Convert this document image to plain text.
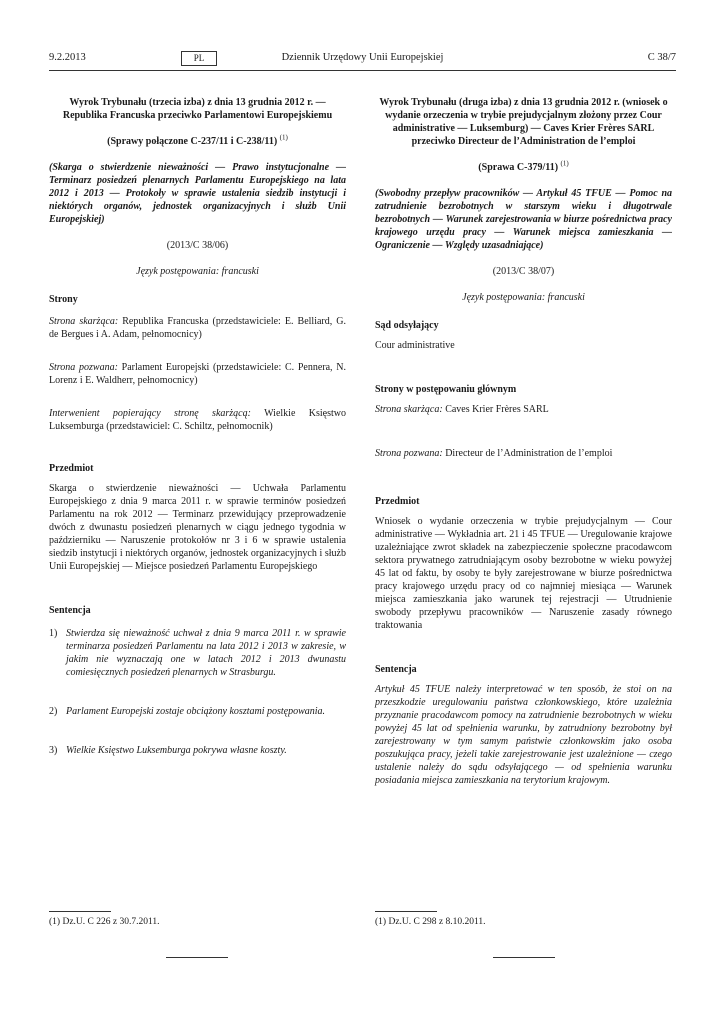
9.2.2013	PL	Dziennik Urzędowy Unii Europejskiej	C 38/7
Wyrok Trybunału (trzecia izba) z dnia 13 grudnia 2012 r. — Republika Francuska przeciwko Parlamentowi Europejskiemu
(Sprawy połączone C-237/11 i C-238/11) $^{(1)}$
(Skarga o stwierdzenie nieważności — Prawo instytucjonalne — Terminarz posiedzeń plenarnych Parlamentu Europejskiego na lata 2012 i 2013 — Protokoły w sprawie ustalenia siedzib instytucji i niektórych organów, jednostek organizacyjnych i służb Unii Europejskiej)
(2013/C 38/06)
Język postępowania: francuski
Strony
Strona skarżąca: Republika Francuska (przedstawiciele: E. Belliard, G. de Bergues i A. Adam, pełnomocnicy)
Strona pozwana: Parlament Europejski (przedstawiciele: C. Pennera, N. Lorenz i E. Waldherr, pełnomocnicy)
Interwenient popierający stronę skarżącą: Wielkie Księstwo Luksemburga (przedstawiciel: C. Schiltz, pełnomocnik)
Przedmiot
Skarga o stwierdzenie nieważności — Uchwała Parlamentu Europejskiego z dnia 9 marca 2011 r. w sprawie terminów posiedzeń Parlamentu na rok 2012 — Terminarz przewidujący przeprowadzenie dwóch z dwunastu posiedzeń plenarnych w ciągu jednego tygodnia w październiku — Naruszenie protokołów nr 3 i 6 w sprawie ustalenia siedzib instytucji i niektórych organów, jednostek organizacyjnych i służb Unii Europejskiej — Miejsce posiedzeń Parlamentu Europejskiego
Sentencja
1) Stwierdza się nieważność uchwał z dnia 9 marca 2011 r. w sprawie terminarza posiedzeń Parlamentu na lata 2012 i 2013 w zakresie, w jakim nie wyznaczają one w latach 2012 i 2013 dwunastu comiesięcznych posiedzeń plenarnych w Strasburgu.
2) Parlament Europejski zostaje obciążony kosztami postępowania.
3) Wielkie Księstwo Luksemburga pokrywa własne koszty.
Wyrok Trybunału (druga izba) z dnia 13 grudnia 2012 r. (wniosek o wydanie orzeczenia w trybie prejudycjalnym złożony przez Cour administrative — Luksemburg) — Caves Krier Frères SARL przeciwko Directeur de l’Administration de l’emploi
(Sprawa C-379/11) $^{(1)}$
(Swobodny przepływ pracowników — Artykuł 45 TFUE — Pomoc na zatrudnienie bezrobotnych w starszym wieku i długotrwale bezrobotnych — Warunek zarejestrowania w biurze pośrednictwa pracy krajowego urzędu pracy — Warunek miejsca zamieszkania — Ograniczenie — Względy uzasadniające)
(2013/C 38/07)
Język postępowania: francuski
Sąd odsyłający
Cour administrative
Strony w postępowaniu głównym
Strona skarżąca: Caves Krier Frères SARL
Strona pozwana: Directeur de l’Administration de l’emploi
Przedmiot
Wniosek o wydanie orzeczenia w trybie prejudycjalnym — Cour administrative — Wykładnia art. 21 i 45 TFUE — Uregulowanie krajowe uzależniające zwrot składek na zabezpieczenie społeczne pracodawcom sektora prywatnego zatrudniającym osoby bezrobotne w wieku powyżej 45 lat od faktu, by osoby te były zarejestrowane w biurze pośrednictwa pracy krajowego urzędu pracy od co najmniej miesiąca — Warunek miejsca zamieszkania jako warunek tej rejestracji — Utrudnienie swobody przepływu pracowników — Naruszenie zasady równego traktowania
Sentencja
Artykuł 45 TFUE należy interpretować w ten sposób, że stoi on na przeszkodzie uregulowaniu państwa członkowskiego, które uzależnia przyznanie pracodawcom pomocy na zatrudnienie bezrobotnych w wieku powyżej 45 lat od spełnienia warunku, by zatrudniony bezrobotny był zarejestrowany w tym samym państwie członkowskim jako osoba poszukująca pracy, jeżeli takie zarejestrowanie jest uzależnione — czego ustalenie należy do sądu odsyłającego — od spełnienia warunku posiadania miejsca zamieszkania na terytorium krajowym.
(1) Dz.U. C 226 z 30.7.2011.	(1) Dz.U. C 298 z 8.10.2011.
